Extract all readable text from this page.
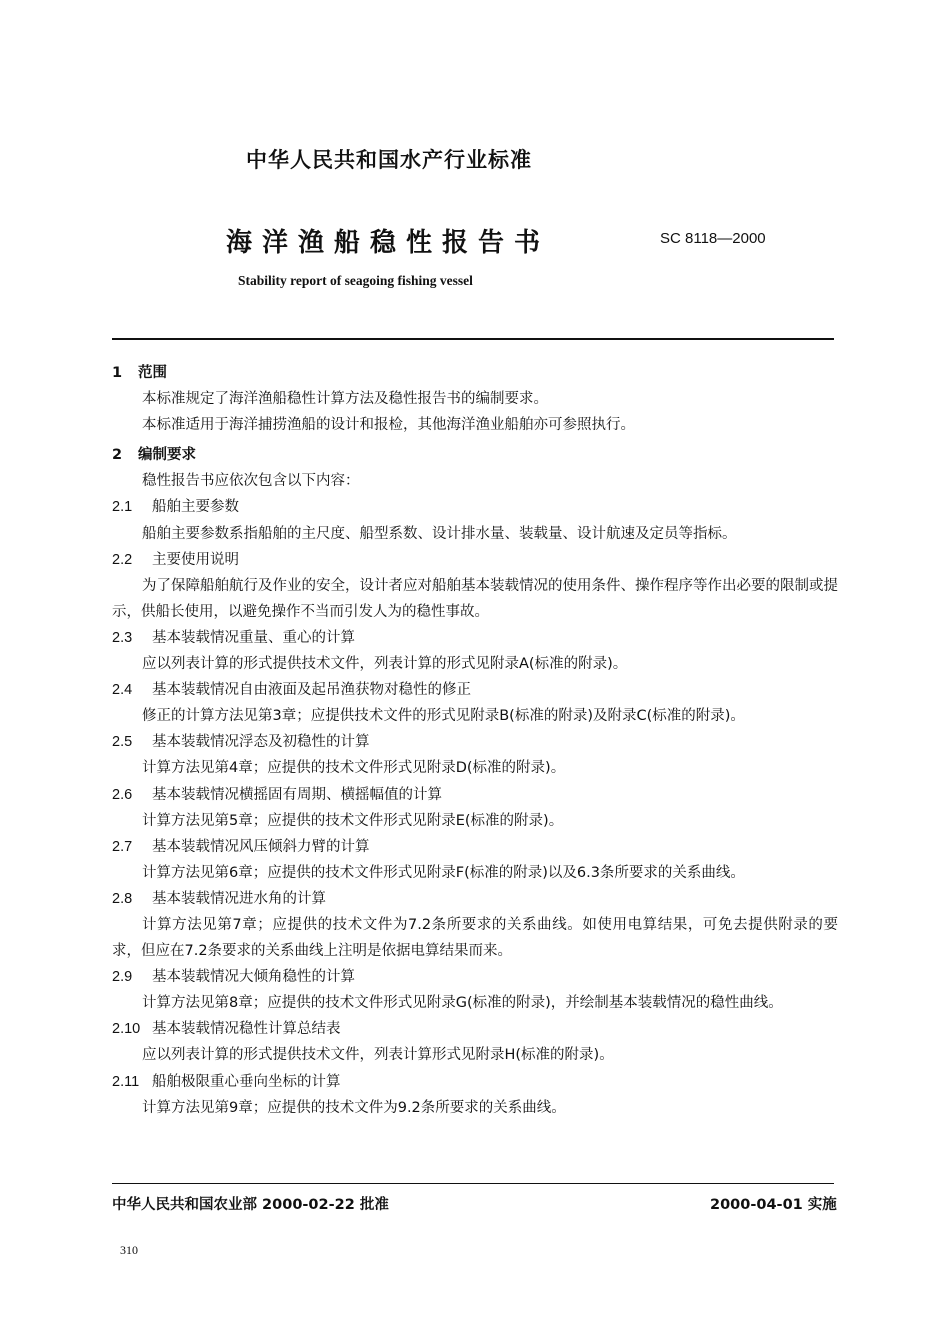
中华人民共和国水产行业标准
海洋渔船稳性报告书	SC 8118—2000
Stability report of seagoing fishing vessel
1 范围
本标准规定了海洋渔船稳性计算方法及稳性报告书的编制要求。
本标准适用于海洋捕捞渔船的设计和报检，其他海洋渔业船舶亦可参照执行。
2 编制要求
稳性报告书应依次包含以下内容：
2.1 船舶主要参数
船舶主要参数系指船舶的主尺度、船型系数、设计排水量、装载量、设计航速及定员等指标。
2.2 主要使用说明
为了保障船舶航行及作业的安全，设计者应对船舶基本装载情况的使用条件、操作程序等作出必要的限制或提示，供船长使用，以避免操作不当而引发人为的稳性事故。
2.3 基本装载情况重量、重心的计算
应以列表计算的形式提供技术文件，列表计算的形式见附录A(标准的附录)。
2.4 基本装载情况自由液面及起吊渔获物对稳性的修正
修正的计算方法见第3章；应提供技术文件的形式见附录B(标准的附录)及附录C(标准的附录)。
2.5 基本装载情况浮态及初稳性的计算
计算方法见第4章；应提供的技术文件形式见附录D(标准的附录)。
2.6 基本装载情况横摇固有周期、横摇幅值的计算
计算方法见第5章；应提供的技术文件形式见附录E(标准的附录)。
2.7 基本装载情况风压倾斜力臂的计算
计算方法见第6章；应提供的技术文件形式见附录F(标准的附录)以及6.3条所要求的关系曲线。
2.8 基本装载情况进水角的计算
计算方法见第7章；应提供的技术文件为7.2条所要求的关系曲线。如使用电算结果，可免去提供附录的要求，但应在7.2条要求的关系曲线上注明是依据电算结果而来。
2.9 基本装载情况大倾角稳性的计算
计算方法见第8章；应提供的技术文件形式见附录G(标准的附录)，并绘制基本装载情况的稳性曲线。
2.10 基本装载情况稳性计算总结表
应以列表计算的形式提供技术文件，列表计算形式见附录H(标准的附录)。
2.11 船舶极限重心垂向坐标的计算
计算方法见第9章；应提供的技术文件为9.2条所要求的关系曲线。
中华人民共和国农业部 2000-02-22 批准	2000-04-01 实施
310
